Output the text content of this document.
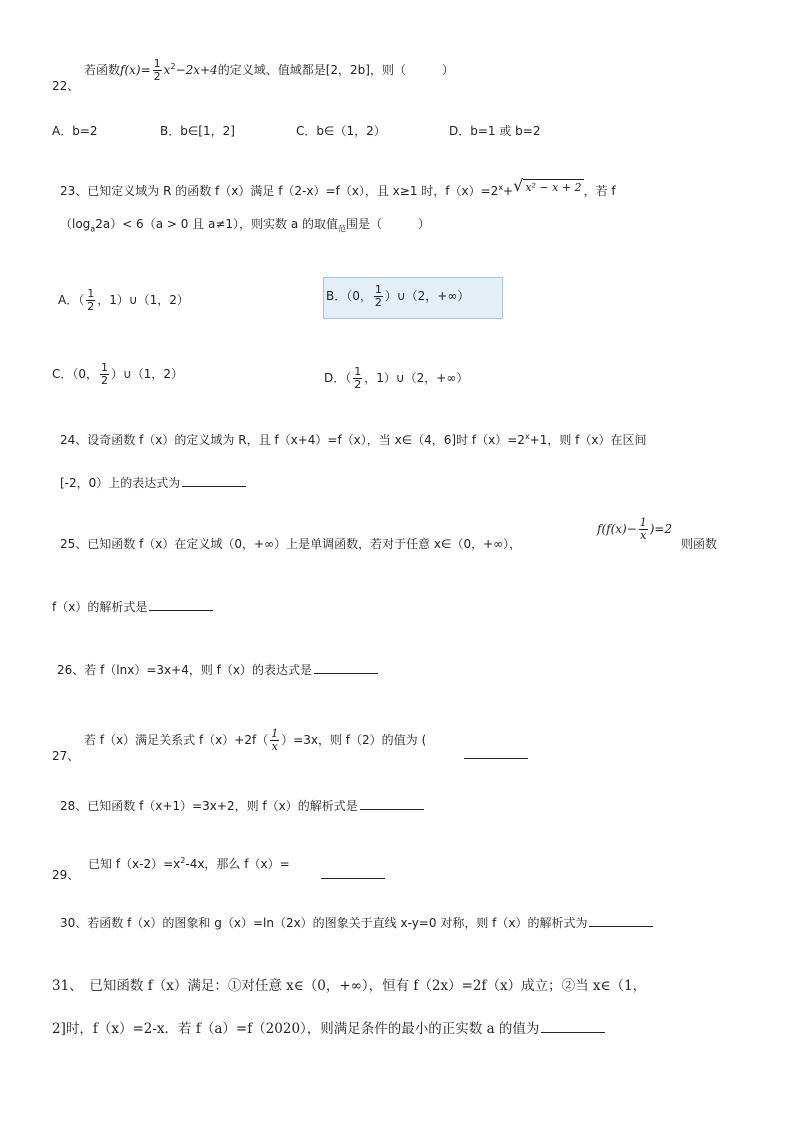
若函数$f(x)= \frac{1}{2} x^2-2x+4$的定义域、值域都是[2，2b]，则（　　　）
22、
A．b=2	B．b∈[1，2]	C．b∈（1，2）	D．b=1 或 b=2
23、已知定义域为 R 的函数 f（x）满足 f（2-x）=f（x），且 x≥1 时，$f(x)=2^x+√$ x² − x + 2 ，若 f
$(\log_a2a)< 6(a > 0$ 且 a≠1），则实数 a 的取值$_范$围是（　　　）
A．（ $\frac{1}{2}$ ，1）∪（1，2）	B．（0， $\frac{1}{2}$ ）∪（2，+∞）
C．（0， $\frac{1}{2}$ ）∪（1，2）	D．（ $\frac{1}{2}$ ，1）∪（2，+∞）
24、设奇函数 f（x）的定义域为 R，且 f（x+4）=f（x），当 x∈（4，6]时 $f(x)=2^x+1$，则 f（x）在区间
[-2，0）上的表达式为
25、已知函数 f（x）在定义域（0，+∞）上是单调函数，若对于任意 x∈（0，+∞），
$f(f(x)- \frac{1}{x} )=2$
则函数
f（x）的解析式是
26、若 f（lnx）=3x+4，则 f（x）的表达式是
若 f（x）满足关系式 $f(x)+2f( \frac{1}{x} )=3x$，则 f（2）的值为 (
27、
28、已知函数 f（x+1）=3x+2，则 f（x）的解析式是
已知 $f(x-2)=x^2-4x$，那么 f（x）=
29、
30、若函数 f（x）的图象和 g（x）=ln（2x）的图象关于直线 x-y=0 对称，则 f（x）的解析式为
31、　已知函数 f（x）满足：①对任意 x∈（0，+∞），恒有 f（2x）=2f（x）成立；②当 x∈（1，
2]时，f（x）=2-x．若 f（a）=f（2020），则满足条件的最小的正实数 a 的值为
